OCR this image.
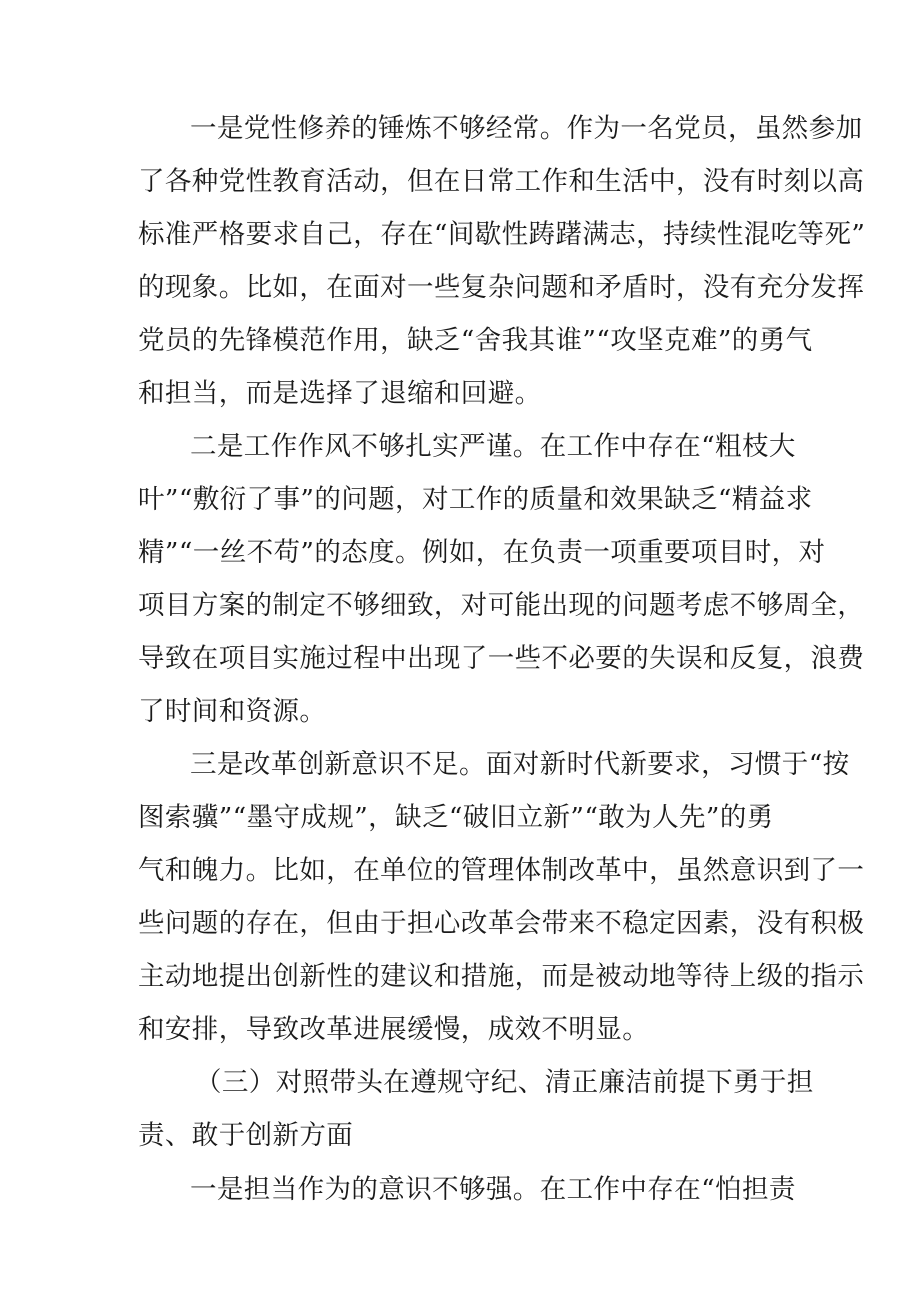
一是党性修养的锤炼不够经常。作为一名党员，虽然参加
了各种党性教育活动，但在日常工作和生活中，没有时刻以高
标准严格要求自己，存在“间歇性踌躇满志，持续性混吃等死”
的现象。比如，在面对一些复杂问题和矛盾时，没有充分发挥
党员的先锋模范作用，缺乏“舍我其谁”“攻坚克难”的勇气
和担当，而是选择了退缩和回避。
二是工作作风不够扎实严谨。在工作中存在“粗枝大
叶”“敷衍了事”的问题，对工作的质量和效果缺乏“精益求
精”“一丝不苟”的态度。例如，在负责一项重要项目时，对
项目方案的制定不够细致，对可能出现的问题考虑不够周全，
导致在项目实施过程中出现了一些不必要的失误和反复，浪费
了时间和资源。
三是改革创新意识不足。面对新时代新要求，习惯于“按
图索骥”“墨守成规”，缺乏“破旧立新”“敢为人先”的勇
气和魄力。比如，在单位的管理体制改革中，虽然意识到了一
些问题的存在，但由于担心改革会带来不稳定因素，没有积极
主动地提出创新性的建议和措施，而是被动地等待上级的指示
和安排，导致改革进展缓慢，成效不明显。
（三）对照带头在遵规守纪、清正廉洁前提下勇于担
责、敢于创新方面
一是担当作为的意识不够强。在工作中存在“怕担责
